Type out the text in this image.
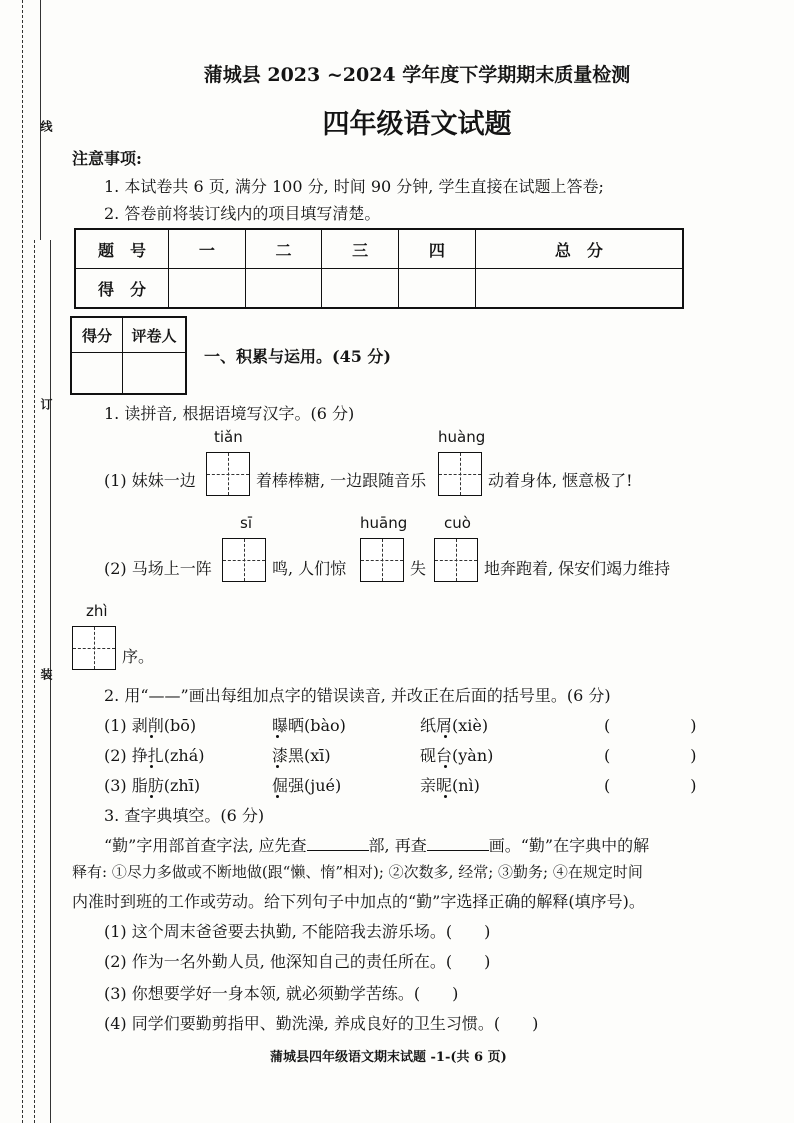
线
订
装
蒲城县 2023 ~2024 学年度下学期期末质量检测
四年级语文试题
注意事项:
1. 本试卷共 6 页, 满分 100 分, 时间 90 分钟, 学生直接在试题上答卷;
2. 答卷前将装订线内的项目填写清楚。
题　号	一	二	三	四	总　分
得　分					
得分	评卷人

一、积累与运用。(45 分)
1. 读拼音, 根据语境写汉字。(6 分)
tiǎn	huàng
(1) 妹妹一边	着棒棒糖, 一边跟随音乐	动着身体, 惬意极了!
sī	huāng cuò
(2) 马场上一阵	鸣, 人们惊	失	地奔跑着, 保安们竭力维持
zhì
序。
2. 用“——”画出每组加点字的错误读音, 并改正在后面的括号里。(6 分)
(1) 剥削(bō)	曝晒(bào)	纸屑(xiè)	(　　　　　)
(2) 挣扎(zhá)	漆黑(xī)	砚台(yàn)	(　　　　　)
(3) 脂肪(zhī)	倔强(jué)	亲昵(nì)	(　　　　　)
3. 查字典填空。(6 分)
“勤”字用部首查字法, 应先查	部, 再查	画。“勤”在字典中的解
释有: ①尽力多做或不断地做(跟“懒、惰”相对); ②次数多, 经常; ③勤务; ④在规定时间
内准时到班的工作或劳动。给下列句子中加点的“勤”字选择正确的解释(填序号)。
(1) 这个周末爸爸要去执勤, 不能陪我去游乐场。(　　)
(2) 作为一名外勤人员, 他深知自己的责任所在。(　　)
(3) 你想要学好一身本领, 就必须勤学苦练。(　　)
(4) 同学们要勤剪指甲、勤洗澡, 养成良好的卫生习惯。(　　)
蒲城县四年级语文期末试题 -1-(共 6 页)
